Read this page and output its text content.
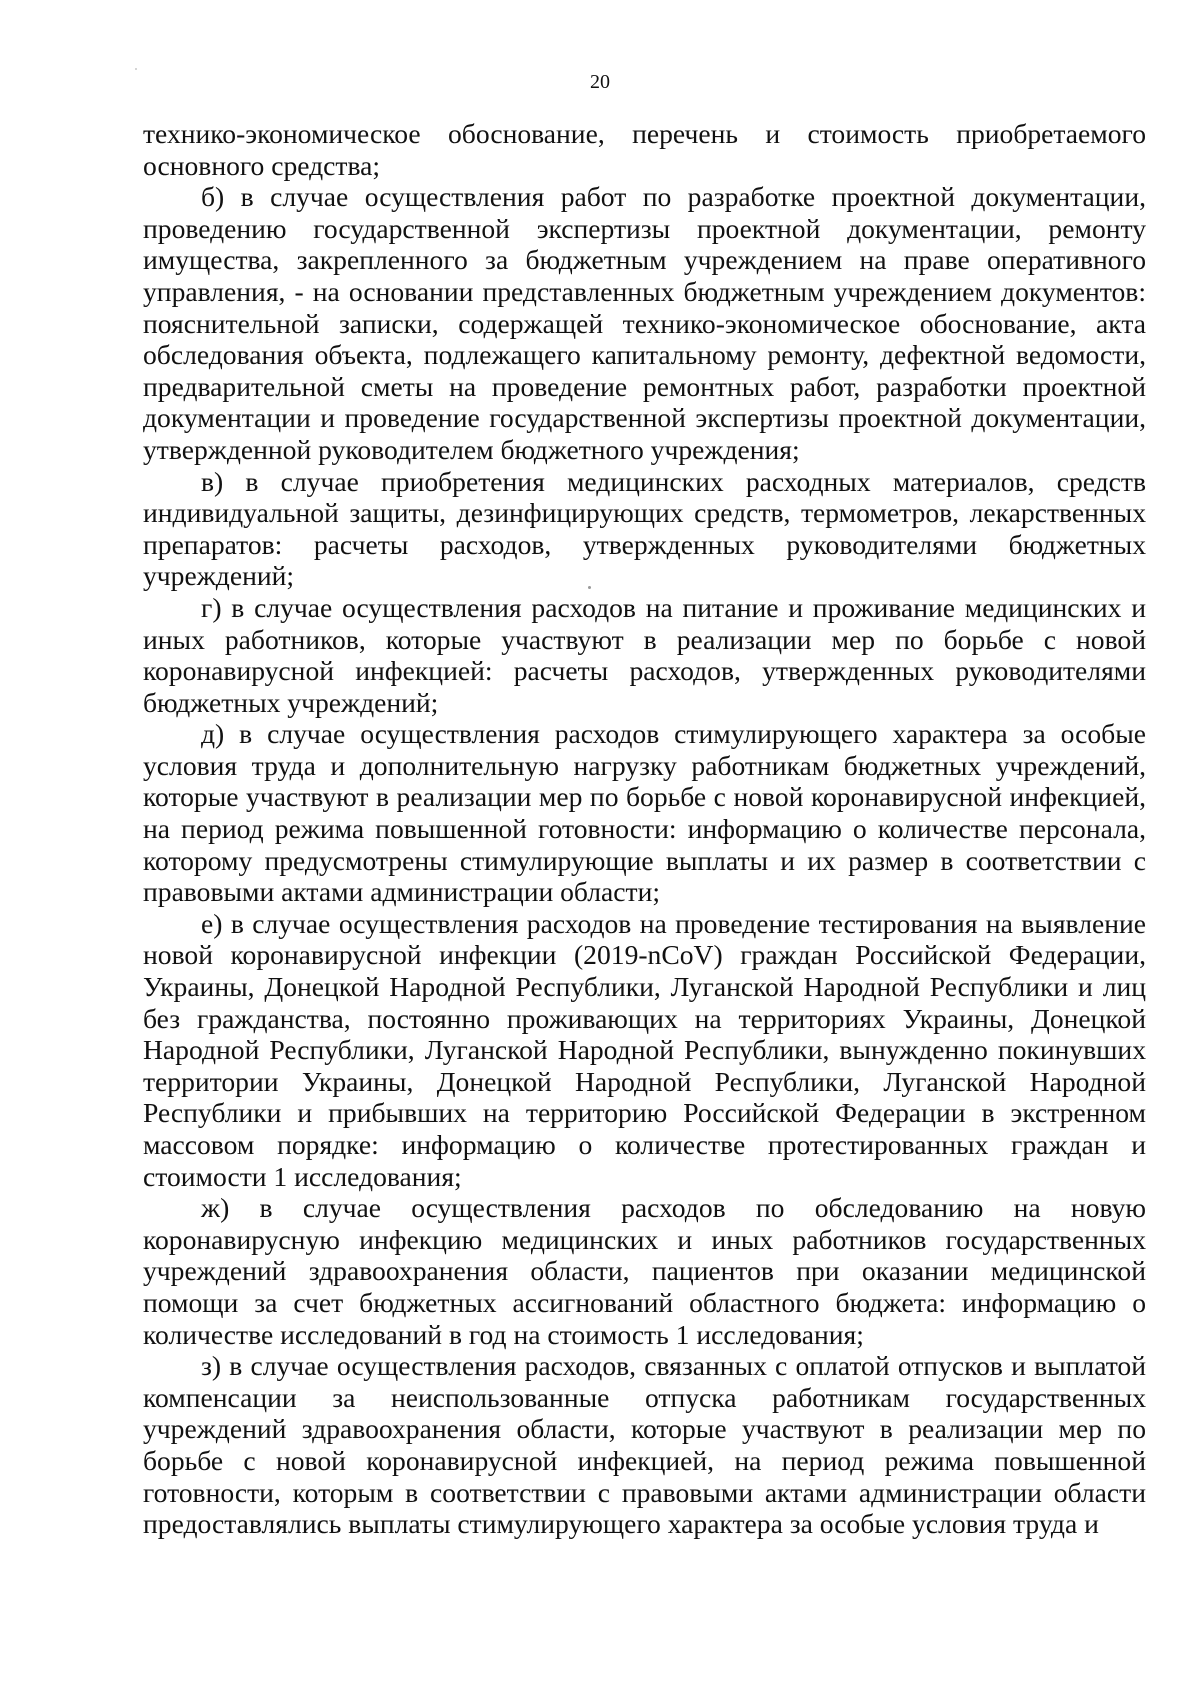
20

технико-экономическое обоснование, перечень и стоимость приобретаемого основного средства;

б) в случае осуществления работ по разработке проектной документации, проведению государственной экспертизы проектной документации, ремонту имущества, закрепленного за бюджетным учреждением на праве оперативного управления, - на основании представленных бюджетным учреждением документов: пояснительной записки, содержащей технико-экономическое обоснование, акта обследования объекта, подлежащего капитальному ремонту, дефектной ведомости, предварительной сметы на проведение ремонтных работ, разработки проектной документации и проведение государственной экспертизы проектной документации, утвержденной руководителем бюджетного учреждения;

в) в случае приобретения медицинских расходных материалов, средств индивидуальной защиты, дезинфицирующих средств, термометров, лекарственных препаратов: расчеты расходов, утвержденных руководителями бюджетных учреждений;

г) в случае осуществления расходов на питание и проживание медицинских и иных работников, которые участвуют в реализации мер по борьбе с новой коронавирусной инфекцией: расчеты расходов, утвержденных руководителями бюджетных учреждений;

д) в случае осуществления расходов стимулирующего характера за особые условия труда и дополнительную нагрузку работникам бюджетных учреждений, которые участвуют в реализации мер по борьбе с новой коронавирусной инфекцией, на период режима повышенной готовности: информацию о количестве персонала, которому предусмотрены стимулирующие выплаты и их размер в соответствии с правовыми актами администрации области;

е) в случае осуществления расходов на проведение тестирования на выявление новой коронавирусной инфекции (2019-nCoV) граждан Российской Федерации, Украины, Донецкой Народной Республики, Луганской Народной Республики и лиц без гражданства, постоянно проживающих на территориях Украины, Донецкой Народной Республики, Луганской Народной Республики, вынужденно покинувших территории Украины, Донецкой Народной Республики, Луганской Народной Республики и прибывших на территорию Российской Федерации в экстренном массовом порядке: информацию о количестве протестированных граждан и стоимости 1 исследования;

ж) в случае осуществления расходов по обследованию на новую коронавирусную инфекцию медицинских и иных работников государственных учреждений здравоохранения области, пациентов при оказании медицинской помощи за счет бюджетных ассигнований областного бюджета: информацию о количестве исследований в год на стоимость 1 исследования;

з) в случае осуществления расходов, связанных с оплатой отпусков и выплатой компенсации за неиспользованные отпуска работникам государственных учреждений здравоохранения области, которые участвуют в реализации мер по борьбе с новой коронавирусной инфекцией, на период режима повышенной готовности, которым в соответствии с правовыми актами администрации области предоставлялись выплаты стимулирующего характера за особые условия труда и
